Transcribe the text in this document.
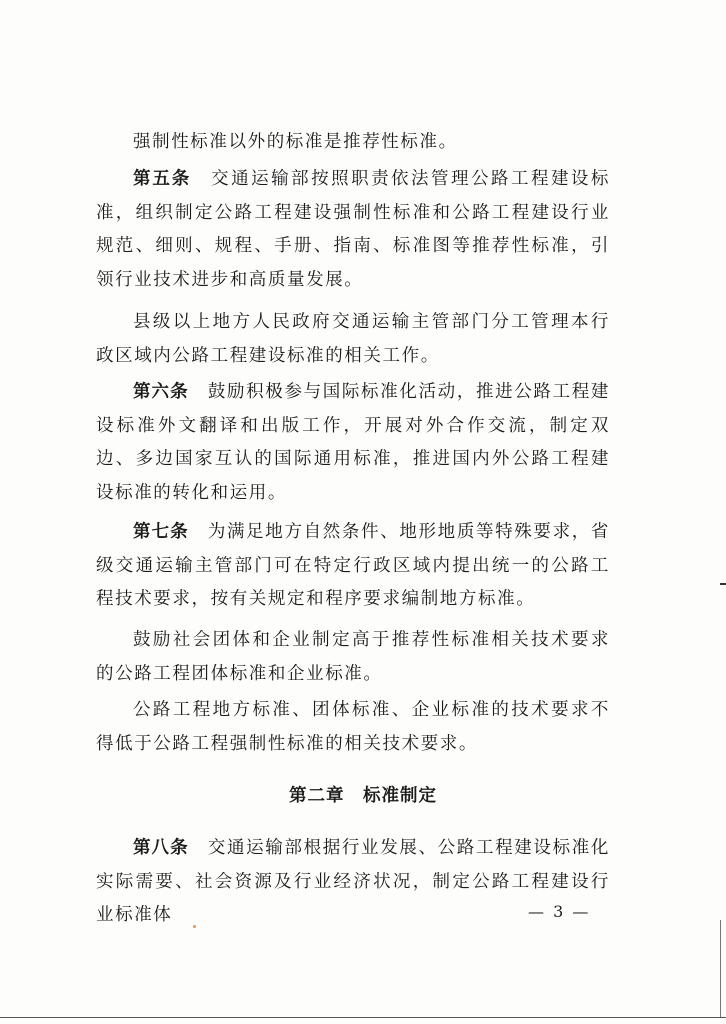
强制性标准以外的标准是推荐性标准。

第五条　 交通运输部按照职责依法管理公路工程建设标准，组织制定公路工程建设强制性标准和公路工程建设行业规范、细则、规程、手册、指南、标准图等推荐性标准，引领行业技术进步和高质量发展。

县级以上地方人民政府交通运输主管部门分工管理本行政区域内公路工程建设标准的相关工作。

第六条　 鼓励积极参与国际标准化活动，推进公路工程建设标准外文翻译和出版工作，开展对外合作交流，制定双边、多边国家互认的国际通用标准，推进国内外公路工程建设标准的转化和运用。

第七条　 为满足地方自然条件、地形地质等特殊要求，省级交通运输主管部门可在特定行政区域内提出统一的公路工程技术要求，按有关规定和程序要求编制地方标准。

鼓励社会团体和企业制定高于推荐性标准相关技术要求的公路工程团体标准和企业标准。

公路工程地方标准、团体标准、企业标准的技术要求不得低于公路工程强制性标准的相关技术要求。

第二章　标准制定

第八条　 交通运输部根据行业发展、公路工程建设标准化实际需要、社会资源及行业经济状况，制定公路工程建设行业标准体	— 3 —
